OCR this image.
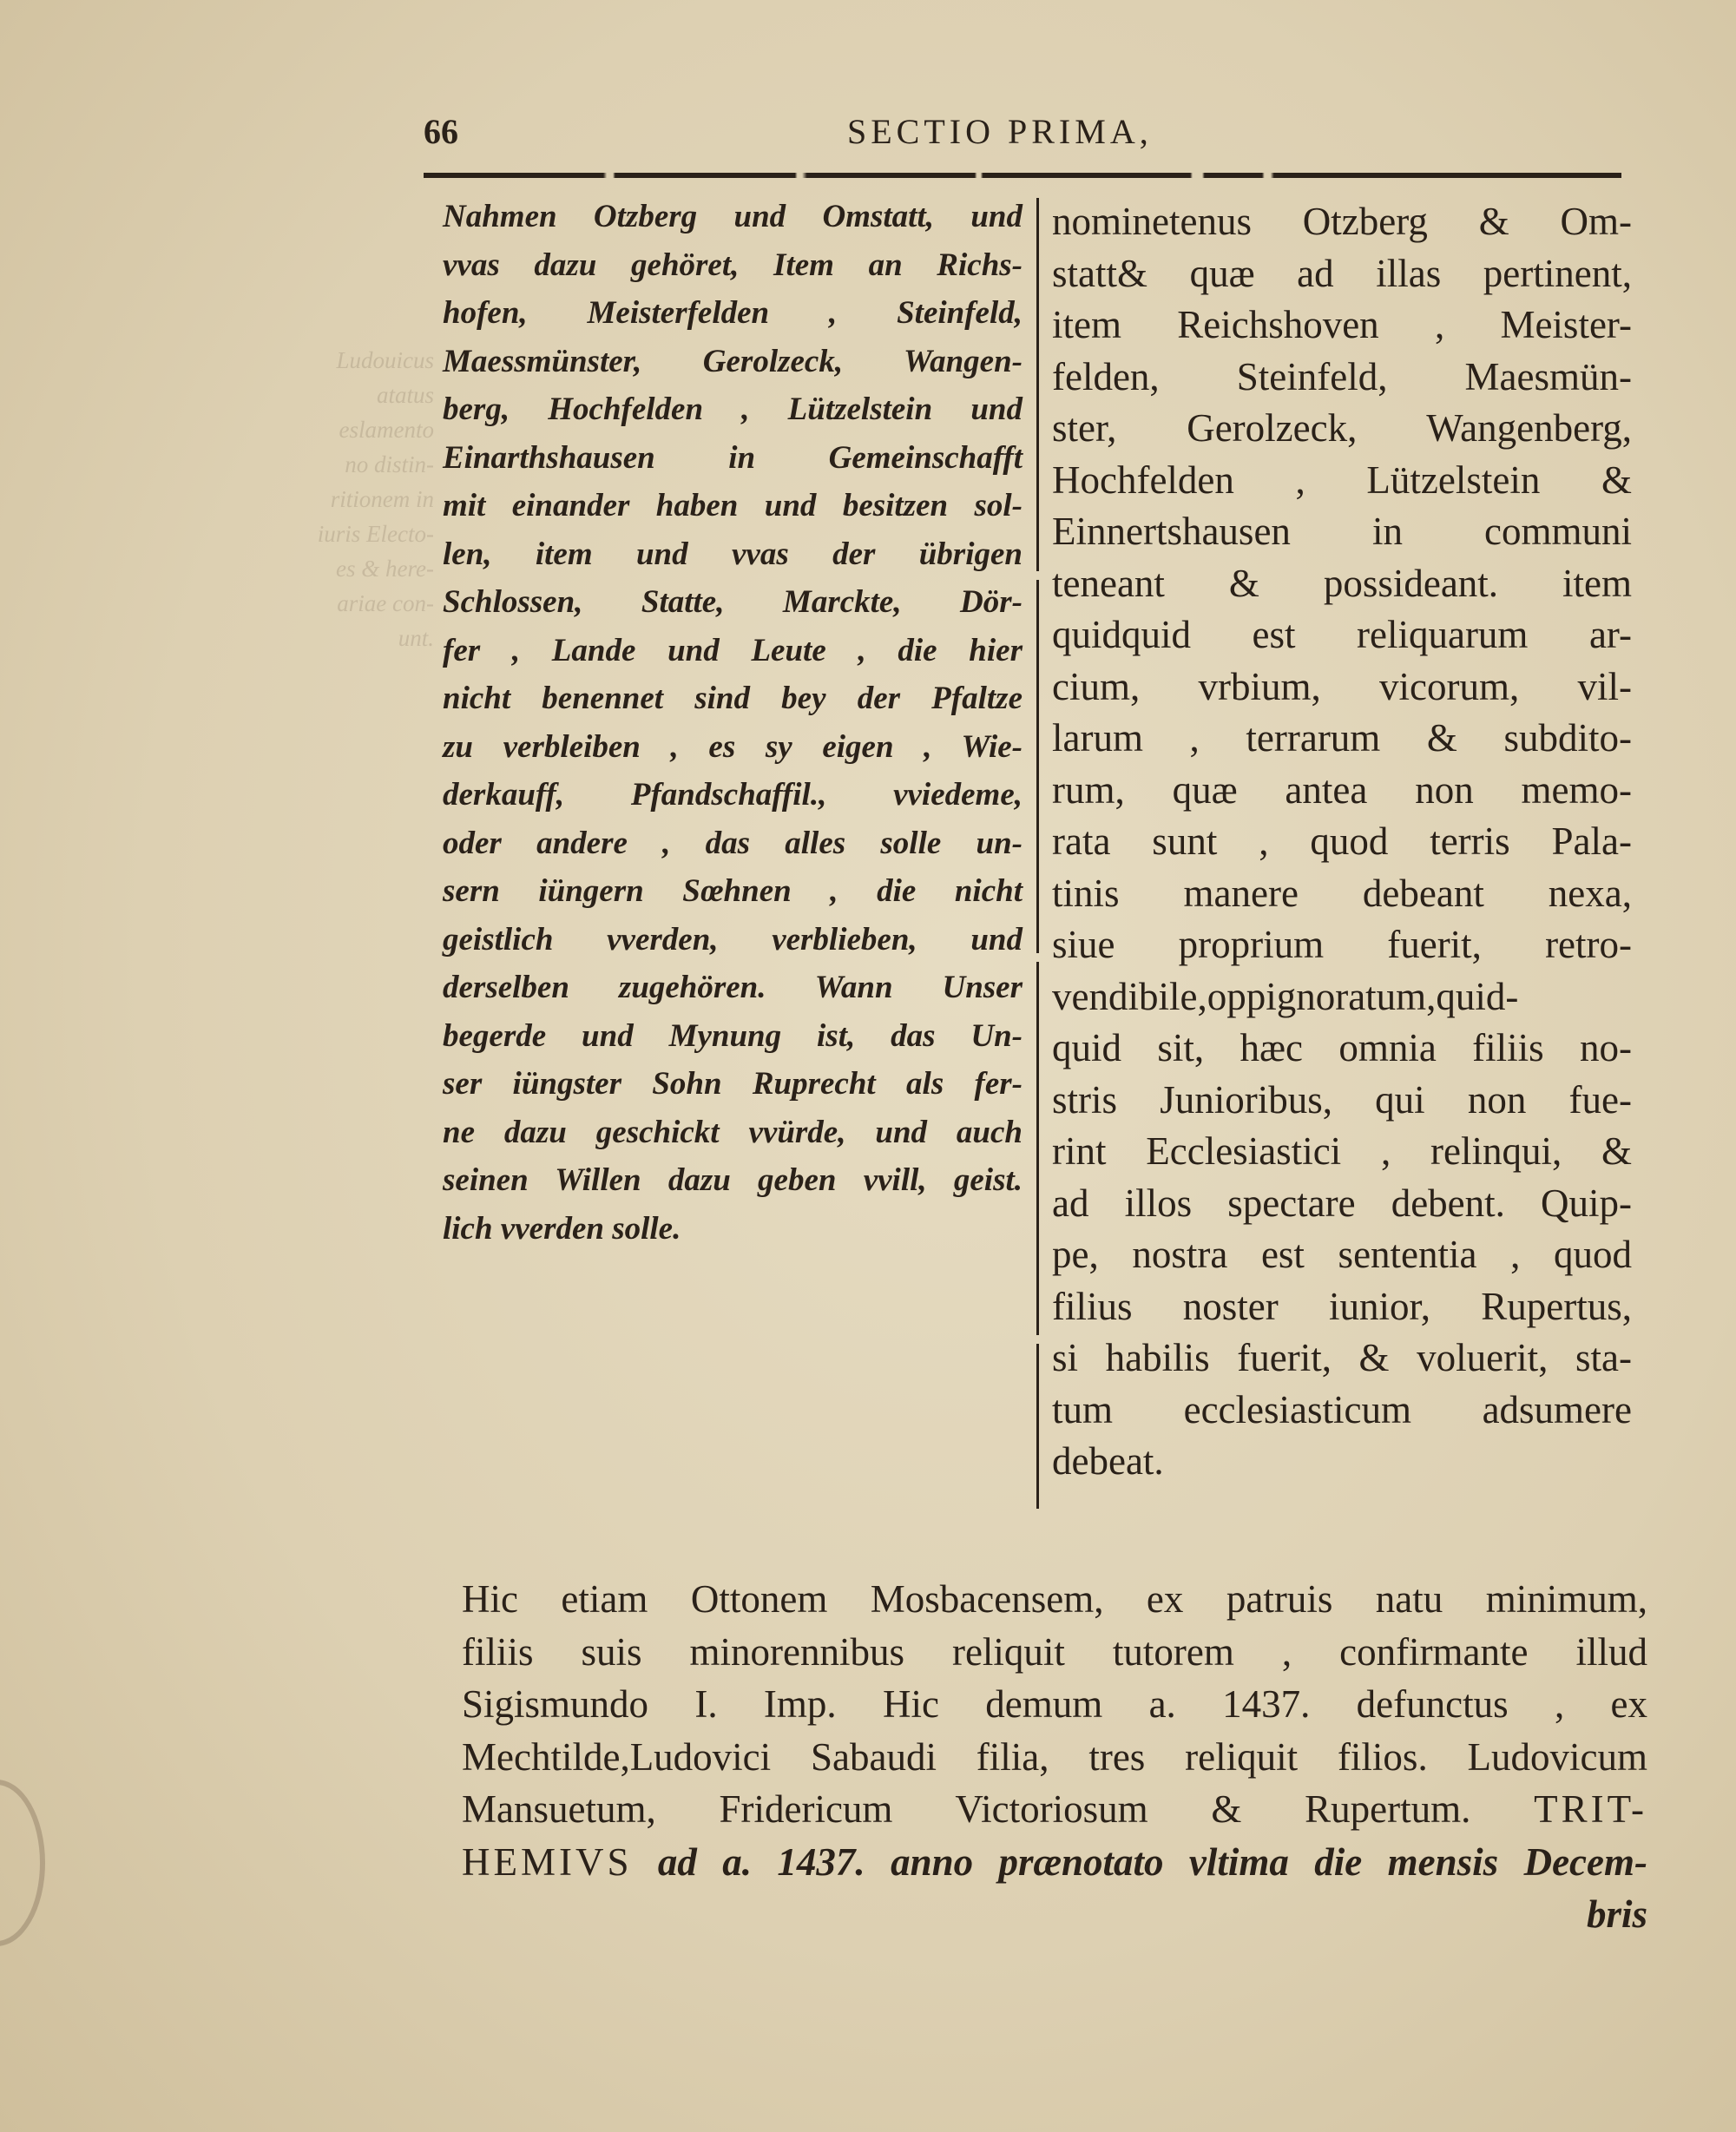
Ludouicus
atatus
eslamento
no distin-
ritionem in
iuris Electo-
es & here-
ariae con-
unt.
66	SECTIO PRIMA,
Nahmen Otzberg und Omstatt, und
vvas dazu gehöret, Item an Richs-
hofen, Meisterfelden , Steinfeld,
Maessmünster, Gerolzeck, Wangen-
berg, Hochfelden , Lützelstein und
Einarthshausen in Gemeinschafft
mit einander haben und besitzen sol-
len, item und vvas der übrigen
Schlossen, Statte, Marckte, Dör-
fer , Lande und Leute , die hier
nicht benennet sind bey der Pfaltze
zu verbleiben , es sy eigen , Wie-
derkauff, Pfandschaffil., vviedeme,
oder andere , das alles solle un-
sern iüngern Sœhnen , die nicht
geistlich vverden, verblieben, und
derselben zugehören. Wann Unser
begerde und Mynung ist, das Un-
ser iüngster Sohn Ruprecht als fer-
ne dazu geschickt vvürde, und auch
seinen Willen dazu geben vvill, geist.
lich vverden solle.
nominetenus Otzberg & Om-
statt& quæ ad illas pertinent,
item Reichshoven , Meister-
felden, Steinfeld, Maesmün-
ster, Gerolzeck, Wangenberg,
Hochfelden , Lützelstein &
Einnertshausen in communi
teneant & possideant. item
quidquid est reliquarum ar-
cium, vrbium, vicorum, vil-
larum , terrarum & subdito-
rum, quæ antea non memo-
rata sunt , quod terris Pala-
tinis manere debeant nexa,
siue proprium fuerit, retro-
vendibile,oppignoratum,quid-
quid sit, hæc omnia filiis no-
stris Junioribus, qui non fue-
rint Ecclesiastici , relinqui, &
ad illos spectare debent. Quip-
pe, nostra est sententia , quod
filius noster iunior, Rupertus,
si habilis fuerit, & voluerit, sta-
tum ecclesiasticum adsumere
debeat.
Hic etiam Ottonem Mosbacensem, ex patruis natu minimum,
filiis suis minorennibus reliquit tutorem , confirmante illud
Sigismundo I. Imp. Hic demum a. 1437. defunctus , ex
Mechtilde,Ludovici Sabaudi filia, tres reliquit filios. Ludovicum
Mansuetum, Fridericum Victoriosum & Rupertum. TRIT-
HEMIVS ad a. 1437. anno prænotato vltima die mensis Decem-
bris
